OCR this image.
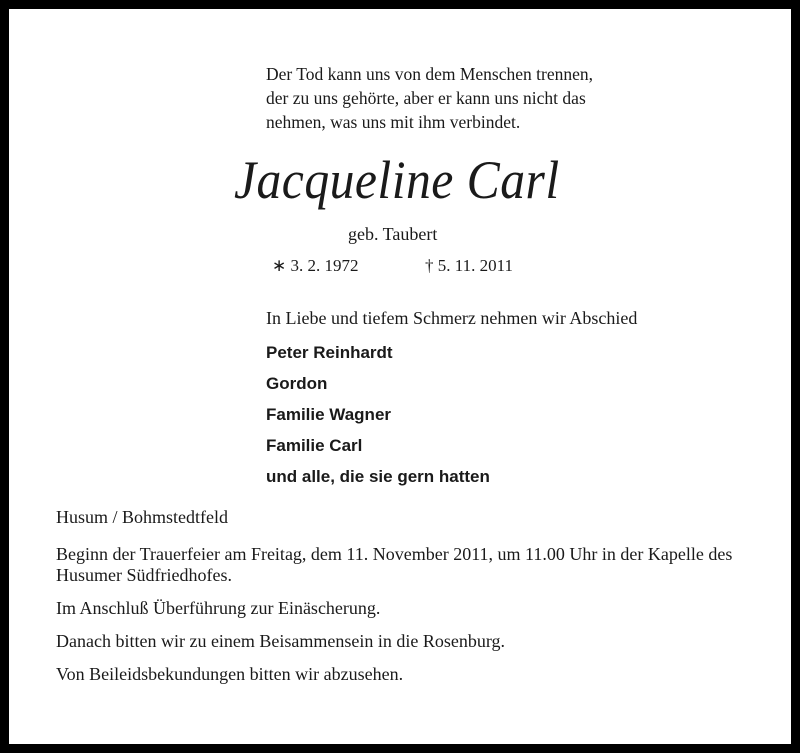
Der Tod kann uns von dem Menschen trennen,
der zu uns gehörte, aber er kann uns nicht das
nehmen, was uns mit ihm verbindet.
Jacqueline Carl
geb. Taubert
∗ 3. 2. 1972	† 5. 11. 2011
In Liebe und tiefem Schmerz nehmen wir Abschied
Peter Reinhardt
Gordon
Familie Wagner
Familie Carl
und alle, die sie gern hatten
Husum / Bohmstedtfeld

Beginn der Trauerfeier am Freitag, dem 11. November 2011, um 11.00 Uhr in der Kapelle des Husumer Südfriedhofes.

Im Anschluß Überführung zur Einäscherung.

Danach bitten wir zu einem Beisammensein in die Rosenburg.

Von Beileidsbekundungen bitten wir abzusehen.
